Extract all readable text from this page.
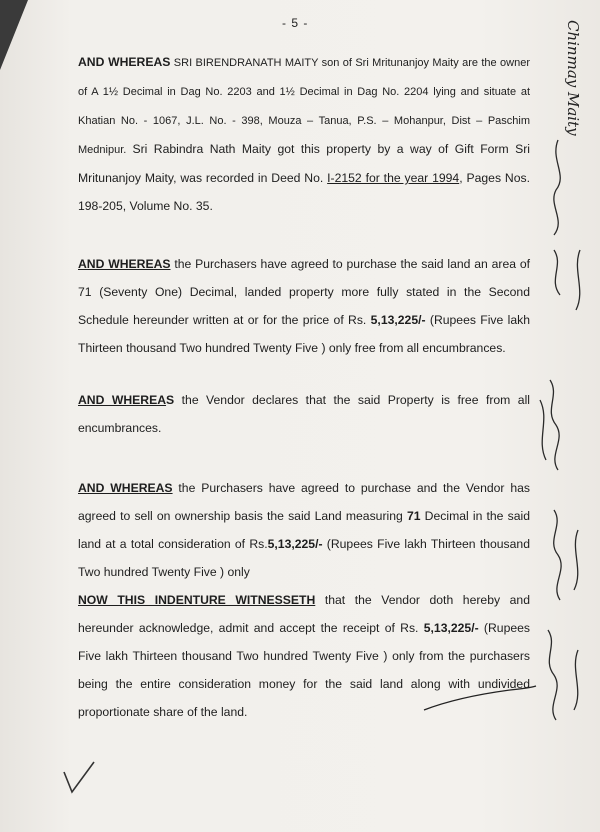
- 5 -
AND WHEREAS SRI BIRENDRANATH MAITY son of Sri Mritunanjoy Maity are the owner of A 1½ Decimal in Dag No. 2203 and 1½ Decimal in Dag No. 2204 lying and situate at Khatian No. - 1067, J.L. No. - 398, Mouza – Tanua, P.S. – Mohanpur, Dist – Paschim Mednipur. Sri Rabindra Nath Maity got this property by a way of Gift Form Sri Mritunanjoy Maity, was recorded in Deed No. I-2152 for the year 1994, Pages Nos. 198-205, Volume No. 35.
AND WHEREAS the Purchasers have agreed to purchase the said land an area of 71 (Seventy One) Decimal, landed property more fully stated in the Second Schedule hereunder written at or for the price of Rs. 5,13,225/- (Rupees Five lakh Thirteen thousand Two hundred Twenty Five ) only free from all encumbrances.
AND WHEREAS the Vendor declares that the said Property is free from all encumbrances.
AND WHEREAS the Purchasers have agreed to purchase and the Vendor has agreed to sell on ownership basis the said Land measuring 71 Decimal in the said land at a total consideration of Rs.5,13,225/- (Rupees Five lakh Thirteen thousand Two hundred Twenty Five ) only
NOW THIS INDENTURE WITNESSETH that the Vendor doth hereby and hereunder acknowledge, admit and accept the receipt of Rs. 5,13,225/- (Rupees Five lakh Thirteen thousand Two hundred Twenty Five ) only from the purchasers being the entire consideration money for the said land along with undivided proportionate share of the land.
Chinmay Maity
